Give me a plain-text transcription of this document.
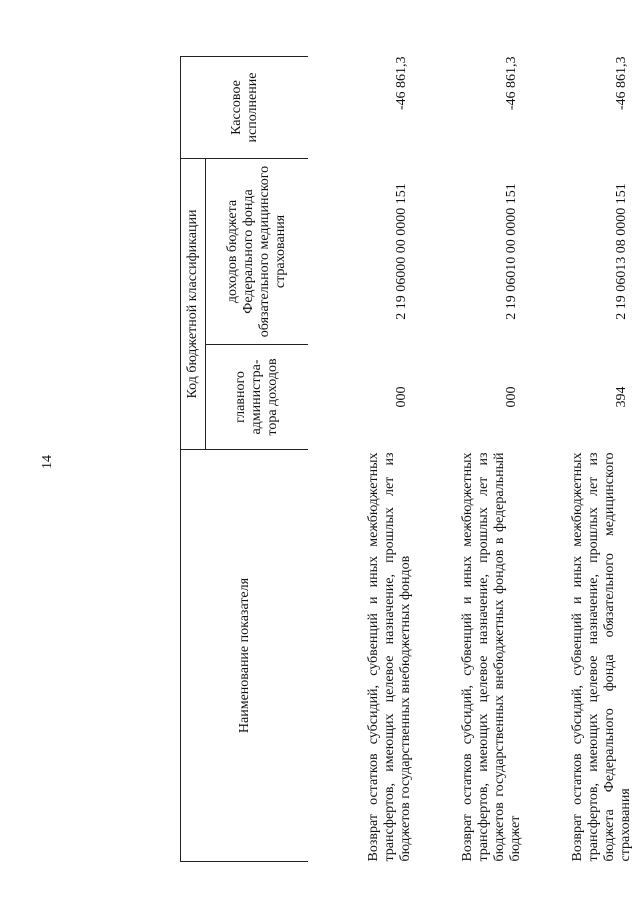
14
Наименование показателя	Код бюджетной классификации		Кассовое исполнение
	главного администра-тора доходов	доходов бюджета Федерального фонда обязательного медицинского страхования	
Возврат остатков субсидий, субвенций и иных межбюджетных трансфертов, имеющих целевое назначение, прошлых лет из бюджетов государственных внебюджетных фондов	000	2 19 06000 00 0000 151	-46 861,3
Возврат остатков субсидий, субвенций и иных межбюджетных трансфертов, имеющих целевое назначение, прошлых лет из бюджетов государственных внебюджетных фондов в федеральный бюджет	000	2 19 06010 00 0000 151	-46 861,3
Возврат остатков субсидий, субвенций и иных межбюджетных трансфертов, имеющих целевое назначение, прошлых лет из бюджета Федерального фонда обязательного медицинского страхования	394	2 19 06013 08 0000 151	-46 861,3
